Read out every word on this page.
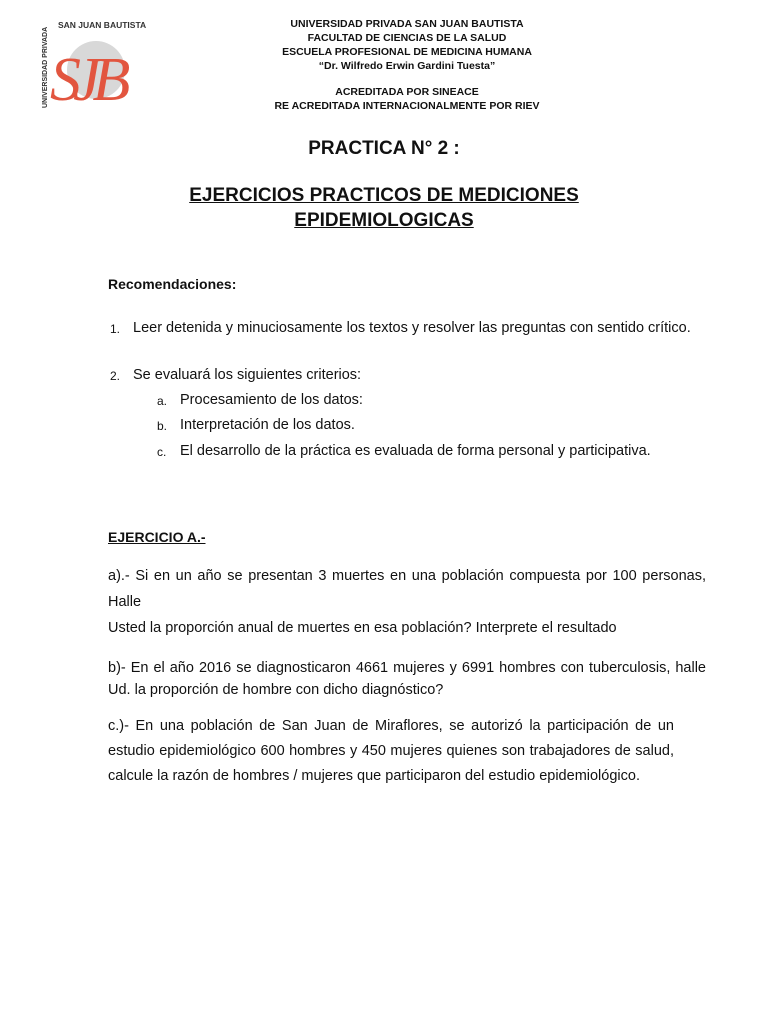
SAN JUAN BAUTISTA
UNIVERSIDAD PRIVADA SJB
UNIVERSIDAD PRIVADA SAN JUAN BAUTISTA
FACULTAD DE CIENCIAS DE LA SALUD
ESCUELA PROFESIONAL DE MEDICINA HUMANA
“Dr. Wilfredo Erwin Gardini Tuesta”
ACREDITADA POR SINEACE
RE ACREDITADA INTERNACIONALMENTE POR RIEV
PRACTICA N° 2 :
EJERCICIOS PRACTICOS DE MEDICIONES
EPIDEMIOLOGICAS
Recomendaciones:
1. Leer detenida y minuciosamente los textos y resolver las preguntas con sentido crítico.
2. Se evaluará los siguientes criterios:
a. Procesamiento de los datos:
b. Interpretación de los datos.
c. El desarrollo de la práctica es evaluada de forma personal y participativa.
EJERCICIO A.-
a).- Si en un año se presentan 3 muertes en una población compuesta por 100 personas, Halle
Usted la proporción anual de muertes en esa población? Interprete el resultado
b)- En el año 2016 se diagnosticaron 4661 mujeres y 6991 hombres con tuberculosis, halle Ud. la proporción de hombre con dicho diagnóstico?
c.)- En una población de San Juan de Miraflores, se autorizó la participación de un estudio epidemiológico 600 hombres y 450 mujeres quienes son trabajadores de salud, calcule la razón de hombres / mujeres que participaron del estudio epidemiológico.
